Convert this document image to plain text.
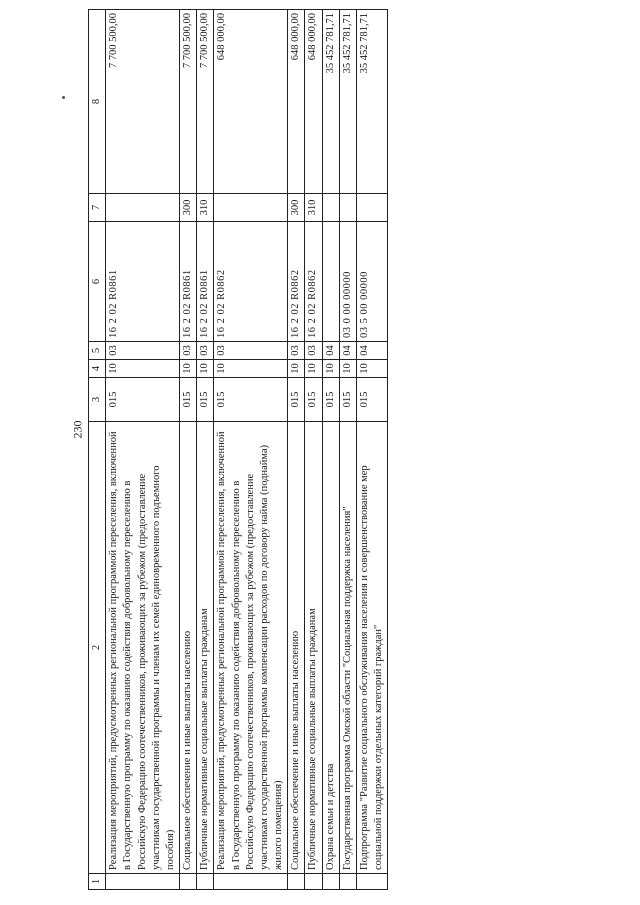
230
1	2	3	4	5	6	7	8
	Реализация мероприятий, предусмотренных региональной программой переселения, включенной в Государственную программу по оказанию содействия добровольному переселению в Российскую Федерацию соотечественников, проживающих за рубежом (предоставление участникам государственной программы и членам их семей единовременного подъемного пособия)	015	10	03	16 2 02 R0861		7 700 500,00
	Социальное обеспечение и иные выплаты населению	015	10	03	16 2 02 R0861	300	7 700 500,00
	Публичные нормативные социальные выплаты гражданам	015	10	03	16 2 02 R0861	310	7 700 500,00
	Реализация мероприятий, предусмотренных региональной программой переселения, включенной в Государственную программу по оказанию содействия добровольному переселению в Российскую Федерацию соотечественников, проживающих за рубежом (предоставление участникам государственной программы компенсации расходов по договору найма (поднайма) жилого помещения)	015	10	03	16 2 02 R0862		648 000,00
	Социальное обеспечение и иные выплаты населению	015	10	03	16 2 02 R0862	300	648 000,00
	Публичные нормативные социальные выплаты гражданам	015	10	03	16 2 02 R0862	310	648 000,00
	Охрана семьи и детства	015	10	04			35 452 781,71
	Государственная программа Омской области "Социальная поддержка населения"	015	10	04	03 0 00 00000		35 452 781,71
	Подпрограмма "Развитие социального обслуживания населения и совершенствование мер социальной поддержки отдельных категорий граждан"	015	10	04	03 5 00 00000		35 452 781,71
